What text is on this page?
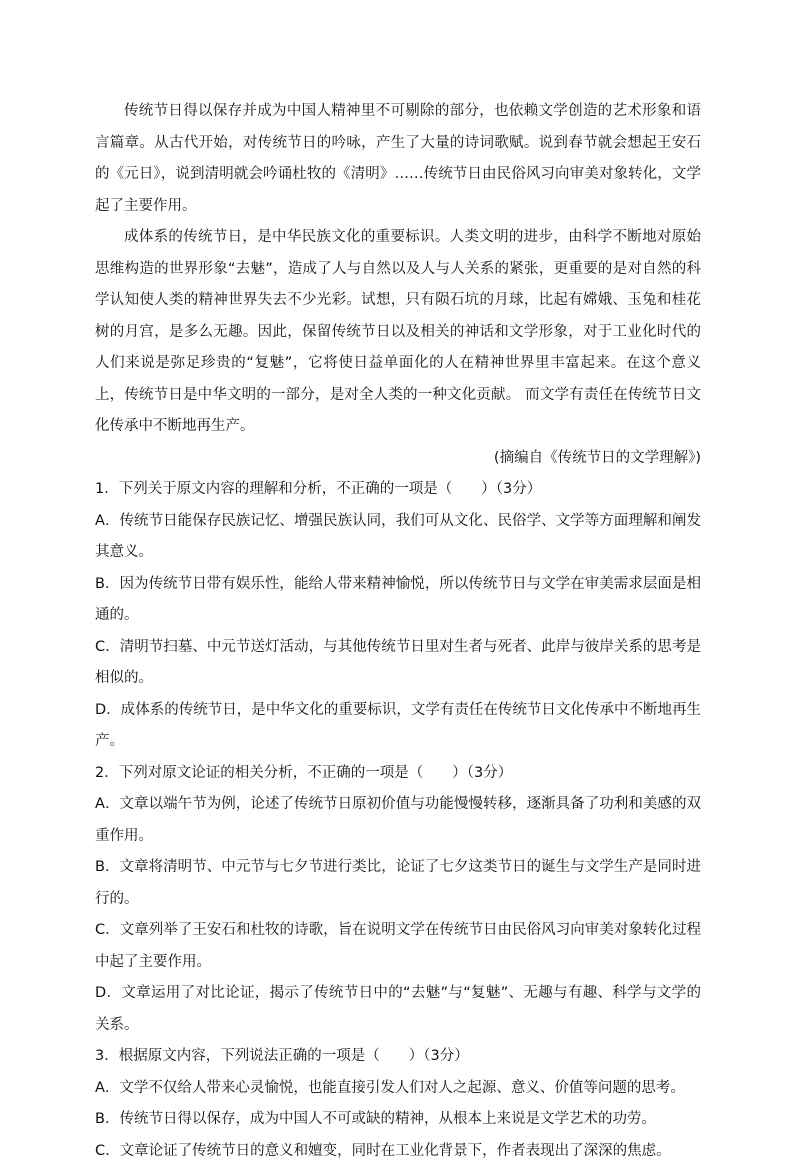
传统节日得以保存并成为中国人精神里不可剔除的部分，也依赖文学创造的艺术形象和语言篇章。从古代开始，对传统节日的吟咏，产生了大量的诗词歌赋。说到春节就会想起王安石的《元日》，说到清明就会吟诵杜牧的《清明》……传统节日由民俗风习向审美对象转化，文学起了主要作用。

成体系的传统节日，是中华民族文化的重要标识。人类文明的进步，由科学不断地对原始思维构造的世界形象“去魅”，造成了人与自然以及人与人关系的紧张，更重要的是对自然的科学认知使人类的精神世界失去不少光彩。试想，只有陨石坑的月球，比起有嫦娥、玉兔和桂花树的月宫，是多么无趣。因此，保留传统节日以及相关的神话和文学形象，对于工业化时代的人们来说是弥足珍贵的“复魅”，它将使日益单面化的人在精神世界里丰富起来。在这个意义上，传统节日是中华文明的一部分，是对全人类的一种文化贡献。 而文学有责任在传统节日文化传承中不断地再生产。

(摘编自《传统节日的文学理解》)

1．下列关于原文内容的理解和分析，不正确的一项是（　　）（3分）

A．传统节日能保存民族记忆、增强民族认同，我们可从文化、民俗学、文学等方面理解和阐发其意义。

B．因为传统节日带有娱乐性，能给人带来精神愉悦，所以传统节日与文学在审美需求层面是相通的。

C．清明节扫墓、中元节送灯活动，与其他传统节日里对生者与死者、此岸与彼岸关系的思考是相似的。

D．成体系的传统节日，是中华文化的重要标识，文学有责任在传统节日文化传承中不断地再生产。

2．下列对原文论证的相关分析，不正确的一项是（　　）（3分）

A．文章以端午节为例，论述了传统节日原初价值与功能慢慢转移，逐渐具备了功利和美感的双重作用。

B．文章将清明节、中元节与七夕节进行类比，论证了七夕这类节日的诞生与文学生产是同时进行的。

C．文章列举了王安石和杜牧的诗歌，旨在说明文学在传统节日由民俗风习向审美对象转化过程中起了主要作用。

D．文章运用了对比论证，揭示了传统节日中的“去魅”与“复魅”、无趣与有趣、科学与文学的关系。

3．根据原文内容，下列说法正确的一项是（　　）（3分）

A．文学不仅给人带来心灵愉悦，也能直接引发人们对人之起源、意义、价值等问题的思考。

B．传统节日得以保存，成为中国人不可或缺的精神，从根本上来说是文学艺术的功劳。

C．文章论证了传统节日的意义和嬗变，同时在工业化背景下，作者表现出了深深的焦虑。
